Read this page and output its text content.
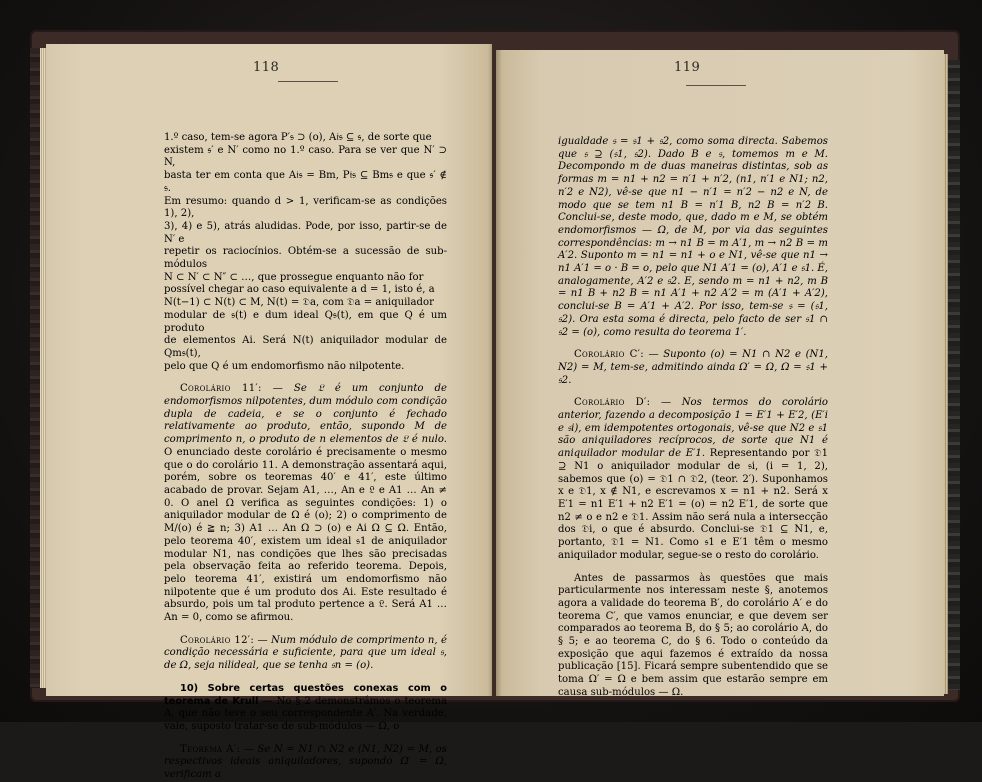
118	119

1.º caso, tem-se agora P′𝔰 ⊃ (o), A𝔦𝔰 ⊆ 𝔰, de sorte que

existem 𝔰′ e N′ como no 1.º caso. Para se ver que N′ ⊃ N,

basta ter em conta que A𝔦𝔰 = Bm, P𝔦𝔰 ⊆ Bm𝔰 e que 𝔰′ ∉ 𝔰.

Em resumo: quando d > 1, verificam-se as condições 1), 2),

3), 4) e 5), atrás aludidas. Pode, por isso, partir-se de N′ e

repetir os raciocínios. Obtém-se a sucessão de sub-módulos

N ⊂ N′ ⊂ N″ ⊂ …, que prossegue enquanto não for

possível chegar ao caso equivalente a d = 1, isto é, a

N(t−1) ⊂ N(t) ⊂ M, N(t) = 𝔇a, com 𝔇a = aniquilador

modular de 𝔰(t) e dum ideal Q𝔰(t), em que Q é um produto

de elementos Ai. Será N(t) aniquilador modular de Qm𝔰(t),

pelo que Q é um endomorfismo não nilpotente.

Corolário 11′: — Se 𝔏 é um conjunto de endomorfismos nilpotentes, dum módulo com condição dupla de cadeia, e se o conjunto é fechado relativamente ao produto, então, supondo M de comprimento n, o produto de n elementos de 𝔏 é nulo. O enunciado deste corolário é precisamente o mesmo que o do corolário 11. A demonstração assentará aqui, porém, sobre os teoremas 40′ e 41′, este último acabado de provar. Sejam A1, …, An e 𝔏 e A1 … An ≠ 0. O anel Ω verifica as seguintes condições: 1) o aniquilador modular de Ω é (o); 2) o comprimento de M/(o) é ≧ n; 3) A1 … An Ω ⊃ (o) e Ai Ω ⊆ Ω. Então, pelo teorema 40′, existem um ideal 𝔰1 de aniquilador modular N1, nas condições que lhes são precisadas pela observação feita ao referido teorema. Depois, pelo teorema 41′, existirá um endomorfismo não nilpotente que é um produto dos Ai. Este resultado é absurdo, pois um tal produto pertence a 𝔏. Será A1 … An = 0, como se afirmou.

Corolário 12′: — Num módulo de comprimento n, é condição necessária e suficiente, para que um ideal 𝔰, de Ω, seja nilideal, que se tenha 𝔰n = (o).

10) Sobre certas questões conexas com o teorema de Krull — No § 2 demonstrámos o teorema A, que não teve o seu correspondente A′. Na verdade, vale, suposto tratar-se de sub-módulos — Ω, o

Teorema A′: — Se N = N1 ∩ N2 e (N1, N2) = M, os respectivos ideais aniquiladores, supondo Ω′ = Ω, verificam a

igualdade 𝔰 = 𝔰1 + 𝔰2, como soma directa. Sabemos que 𝔰 ⊇ (𝔰1, 𝔰2). Dado B e 𝔰, tomemos m e M. Decompondo m de duas maneiras distintas, sob as formas m = n1 + n2 = n′1 + n′2, (n1, n′1 e N1; n2, n′2 e N2), vê-se que n1 − n′1 = n′2 − n2 e N, de modo que se tem n1 B = n′1 B, n2 B = n′2 B. Conclui-se, deste modo, que, dado m e M, se obtém endomorfismos — Ω, de M, por via das seguintes correspondências: m → n1 B = m A′1, m → n2 B = m A′2. Suponto m = n1 = n1 + o e N1, vê-se que n1 → n1 A′1 = o · B = o, pelo que N1 A′1 = (o), A′1 e 𝔰1. É, analogamente, A′2 e 𝔰2. E, sendo m = n1 + n2, m B = n1 B + n2 B = n1 A′1 + n2 A′2 = m (A′1 + A′2), conclui-se B = A′1 + A′2. Por isso, tem-se 𝔰 = (𝔰1, 𝔰2). Ora esta soma é directa, pelo facto de ser 𝔰1 ∩ 𝔰2 = (o), como resulta do teorema 1′.

Corolário C′: — Suponto (o) = N1 ∩ N2 e (N1, N2) = M, tem-se, admitindo ainda Ω′ = Ω, Ω = 𝔰1 + 𝔰2.

Corolário D′: — Nos termos do corolário anterior, fazendo a decomposição 1 = E′1 + E′2, (E′i e 𝔰i), em idempotentes ortogonais, vê-se que N2 e 𝔰1 são aniquiladores recíprocos, de sorte que N1 é aniquilador modular de E′1. Representando por 𝔇1 ⊇ N1 o aniquilador modular de 𝔰i, (i = 1, 2), sabemos que (o) = 𝔇1 ∩ 𝔇2, (teor. 2′). Suponhamos x e 𝔇1, x ∉ N1, e escrevamos x = n1 + n2. Será x E′1 = n1 E′1 + n2 E′1 = (o) = n2 E′1, de sorte que n2 ≠ o e n2 e 𝔇1. Assim não será nula a intersecção dos 𝔇i, o que é absurdo. Conclui-se 𝔇1 ⊆ N1, e, portanto, 𝔇1 = N1. Como 𝔰1 e E′1 têm o mesmo aniquilador modular, segue-se o resto do corolário.

Antes de passarmos às questões que mais particularmente nos interessam neste §, anotemos agora a validade do teorema B′, do corolário A′ e do teorema C′, que vamos enunciar, e que devem ser comparados ao teorema B, do § 5; ao corolário A, do § 5; e ao teorema C, do § 6. Todo o conteúdo da exposição que aqui fazemos é extraído da nossa publicação [15]. Ficará sempre subentendido que se toma Ω′ = Ω e bem assim que estarão sempre em causa sub-módulos — Ω.
